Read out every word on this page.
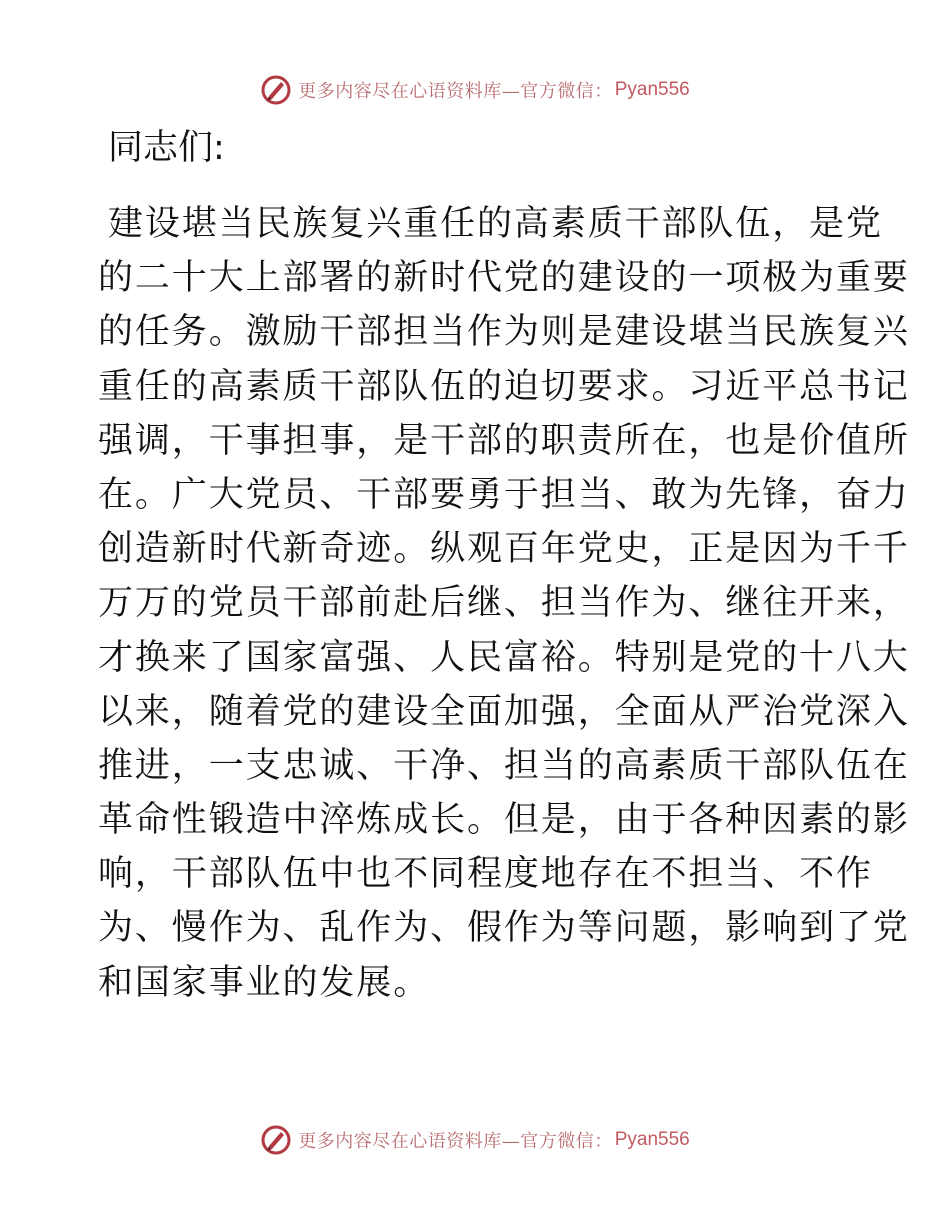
更多内容尽在心语资料库—官方微信： Pyan556
同志们:
建设堪当民族复兴重任的高素质干部队伍，是党
的二十大上部署的新时代党的建设的一项极为重要
的任务。激励干部担当作为则是建设堪当民族复兴
重任的高素质干部队伍的迫切要求。习近平总书记
强调，干事担事，是干部的职责所在，也是价值所
在。广大党员、干部要勇于担当、敢为先锋，奋力
创造新时代新奇迹。纵观百年党史，正是因为千千
万万的党员干部前赴后继、担当作为、继往开来，
才换来了国家富强、人民富裕。特别是党的十八大
以来，随着党的建设全面加强，全面从严治党深入
推进，一支忠诚、干净、担当的高素质干部队伍在
革命性锻造中淬炼成长。但是，由于各种因素的影
响，干部队伍中也不同程度地存在不担当、不作
为、慢作为、乱作为、假作为等问题，影响到了党
和国家事业的发展。
更多内容尽在心语资料库—官方微信： Pyan556
